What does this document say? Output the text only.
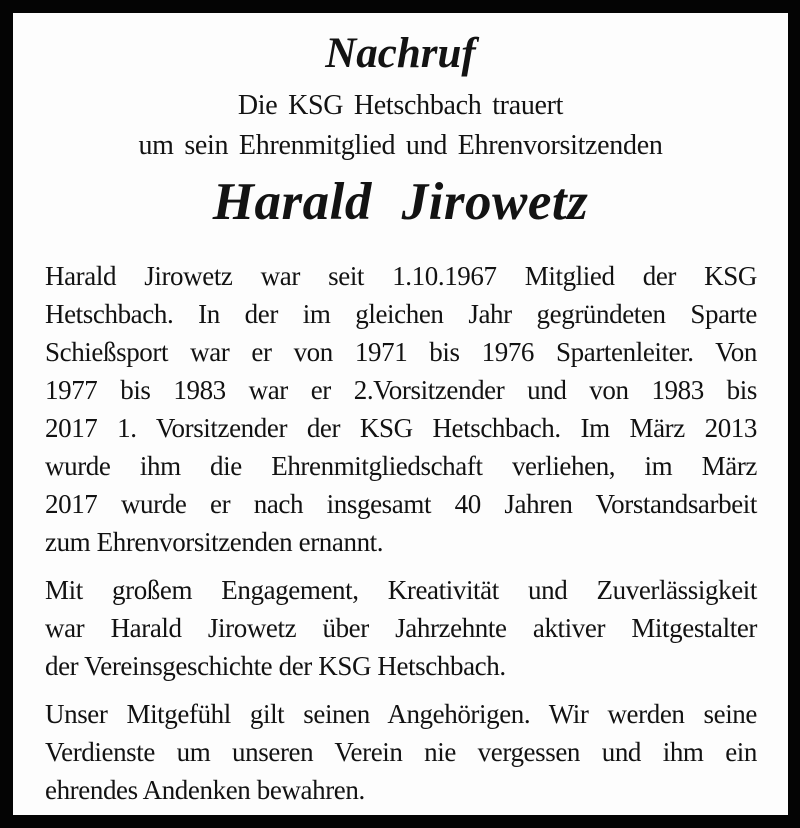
Nachruf
Die KSG Hetschbach trauert
um sein Ehrenmitglied und Ehrenvorsitzenden
Harald Jirowetz

Harald Jirowetz war seit 1.10.1967 Mitglied der KSG
Hetschbach. In der im gleichen Jahr gegründeten Sparte
Schießsport war er von 1971 bis 1976 Spartenleiter. Von
1977 bis 1983 war er 2.Vorsitzender und von 1983 bis
2017 1. Vorsitzender der KSG Hetschbach. Im März 2013
wurde ihm die Ehrenmitgliedschaft verliehen, im März
2017 wurde er nach insgesamt 40 Jahren Vorstandsarbeit
zum Ehrenvorsitzenden ernannt.

Mit großem Engagement, Kreativität und Zuverlässigkeit
war Harald Jirowetz über Jahrzehnte aktiver Mitgestalter
der Vereinsgeschichte der KSG Hetschbach.

Unser Mitgefühl gilt seinen Angehörigen. Wir werden seine
Verdienste um unseren Verein nie vergessen und ihm ein
ehrendes Andenken bewahren.
